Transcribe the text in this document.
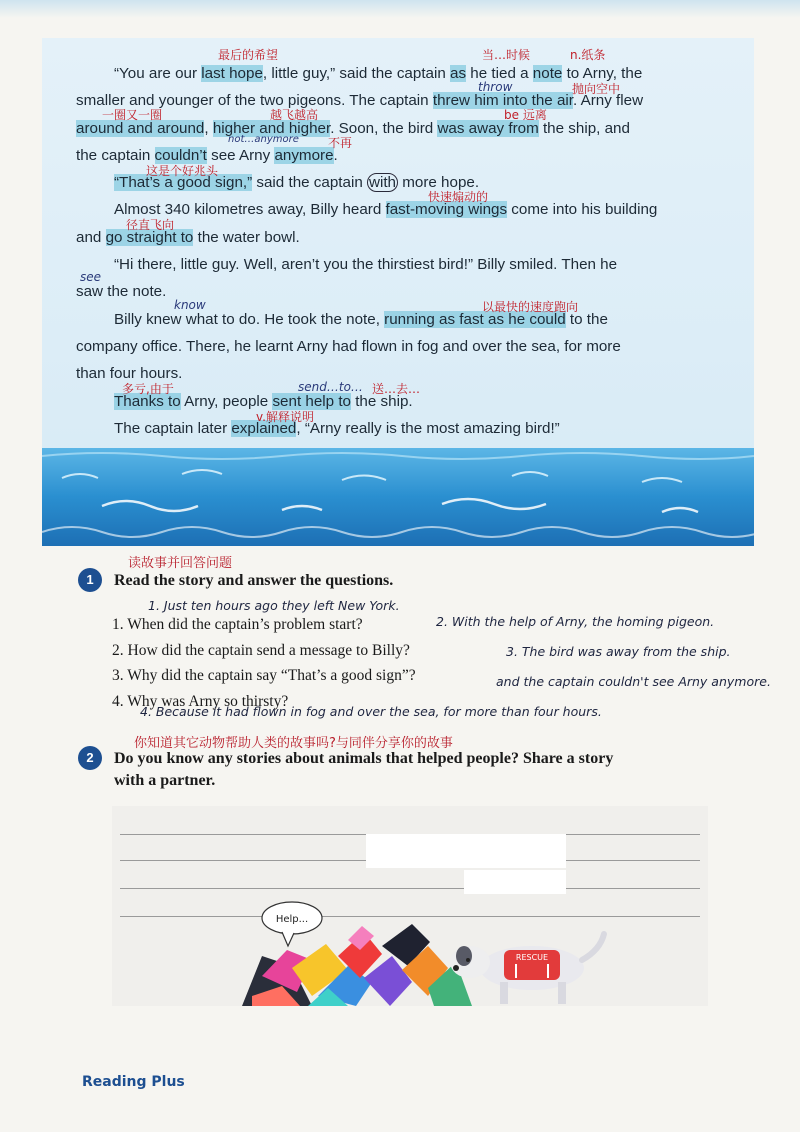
“You are our last hope, little guy,” said the captain as he tied a note to Arny, the

smaller and younger of the two pigeons. The captain threw him into the air. Arny flew

around and around, higher and higher. Soon, the bird was away from the ship, and

the captain couldn’t see Arny anymore.

“That’s a good sign,” said the captain with more hope.

Almost 340 kilometres away, Billy heard fast-moving wings come into his building

and go straight to the water bowl.

“Hi there, little guy. Well, aren’t you the thirstiest bird!” Billy smiled. Then he

saw the note.

Billy knew what to do. He took the note, running as fast as he could to the

company office. There, he learnt Arny had flown in fog and over the sea, for more

than four hours.

Thanks to Arny, people sent help to the ship.

The captain later explained, “Arny really is the most amazing bird!”

最后的希望	当…时候	n.纸条
throw	抛向空中
一圈又一圈	越飞越高
not…anymore 不再
be 远离
这是个好兆头
快速煽动的
径直飞向
see
know	以最快的速度跑向
多亏,由于	send…to… 送…去…
v.解释说明
1	Read the story and answer the questions.
读故事并回答问题
1. Just ten hours ago they left New York.
1. When did the captain’s problem start?
2. How did the captain send a message to Billy?
3. Why did the captain say “That’s a good sign”?
4. Why was Arny so thirsty?
2. With the help of Arny, the homing pigeon.
3. The bird was away from the ship.
and the captain couldn't see Arny anymore.
4. Because it had flown in fog and over the sea, for more than four hours.
2	Do you know any stories about animals that helped people? Share a story
with a partner.
你知道其它动物帮助人类的故事吗?与同伴分享你的故事
Help...
RESCUE
Reading Plus
